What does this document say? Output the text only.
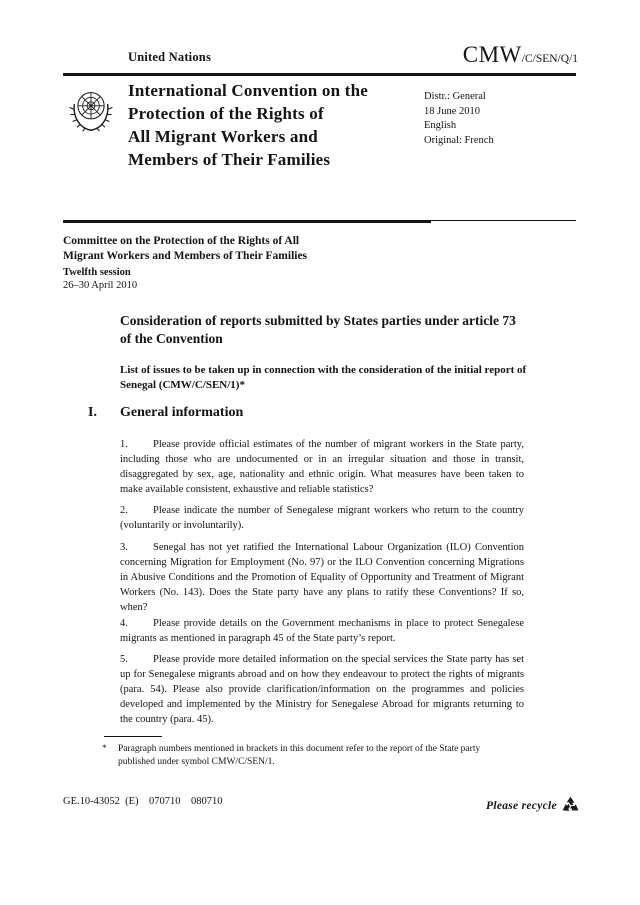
United Nations	CMW/C/SEN/Q/1
International Convention on the
Protection of the Rights of
All Migrant Workers and
Members of Their Families
Distr.: General
18 June 2010
English
Original: French
Committee on the Protection of the Rights of All
Migrant Workers and Members of Their Families
Twelfth session
26–30 April 2010
Consideration of reports submitted by States parties under article 73 of the Convention
List of issues to be taken up in connection with the consideration of the initial report of Senegal (CMW/C/SEN/1)*
I.	General information
1. Please provide official estimates of the number of migrant workers in the State party, including those who are undocumented or in an irregular situation and those in transit, disaggregated by sex, age, nationality and ethnic origin. What measures have been taken to make available consistent, exhaustive and reliable statistics?
2. Please indicate the number of Senegalese migrant workers who return to the country (voluntarily or involuntarily).
3. Senegal has not yet ratified the International Labour Organization (ILO) Convention concerning Migration for Employment (No. 97) or the ILO Convention concerning Migrations in Abusive Conditions and the Promotion of Equality of Opportunity and Treatment of Migrant Workers (No. 143). Does the State party have any plans to ratify these Conventions? If so, when?
4. Please provide details on the Government mechanisms in place to protect Senegalese migrants as mentioned in paragraph 45 of the State party’s report.
5. Please provide more detailed information on the special services the State party has set up for Senegalese migrants abroad and on how they endeavour to protect the rights of migrants (para. 54). Please also provide clarification/information on the programmes and policies developed and implemented by the Ministry for Senegalese Abroad for migrants returning to the country (para. 45).
*	Paragraph numbers mentioned in brackets in this document refer to the report of the State party published under symbol CMW/C/SEN/1.
GE.10-43052  (E)    070710    080710	Please recycle
